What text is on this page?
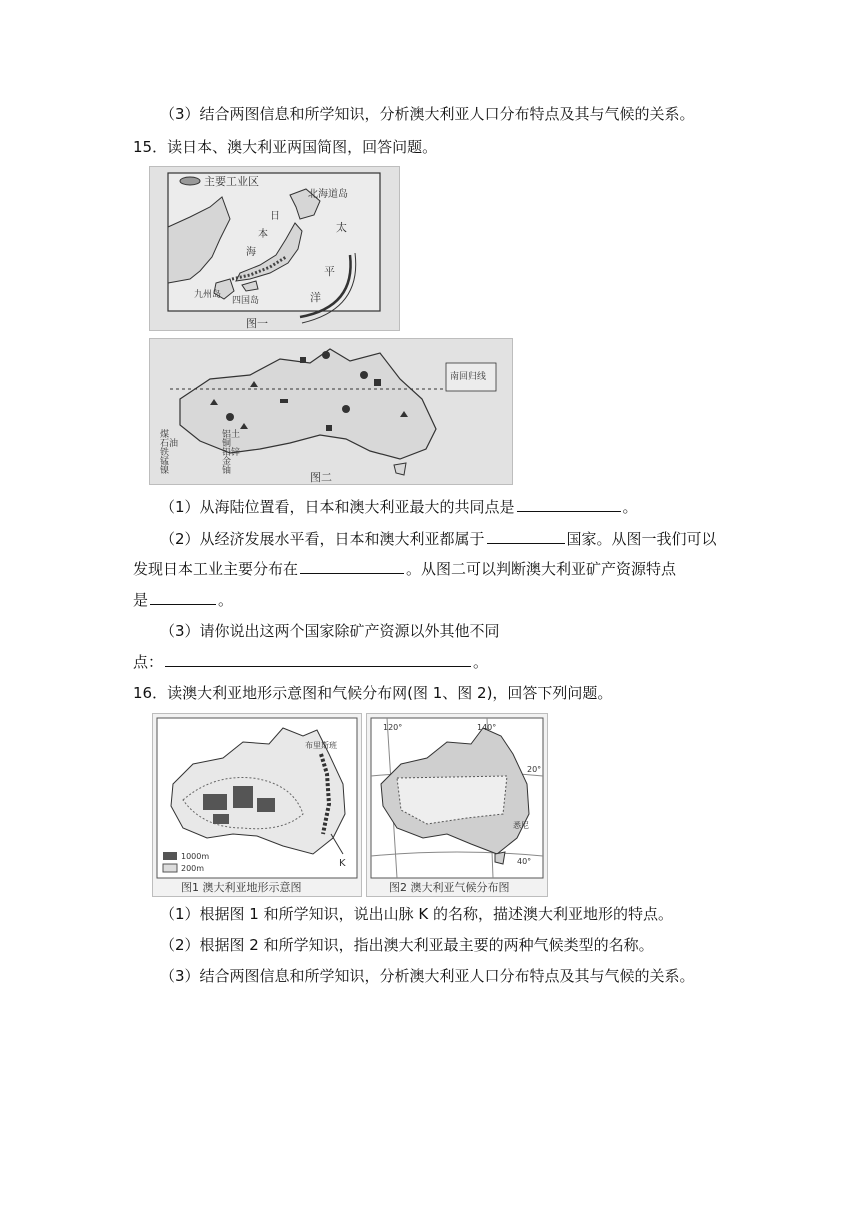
（3）结合两图信息和所学知识，分析澳大利亚人口分布特点及其与气候的关系。
15．读日本、澳大利亚两国简图，回答问题。
主要工业区
北海道岛
日
本
海
太
平
洋
九州岛
四国岛
图一
南回归线
煤
石油
铁
锰
镍
铝土
铜
铅锌
金
铀	图二
（1）从海陆位置看，日本和澳大利亚最大的共同点是	。
（2）从经济发展水平看，日本和澳大利亚都属于	国家。从图一我们可以
发现日本工业主要分布在	。从图二可以判断澳大利亚矿产资源特点
是	。
（3）请你说出这两个国家除矿产资源以外其他不同
点：	。
16．读澳大利亚地形示意图和气候分布网(图 1、图 2)，回答下列问题。
布里斯班
K
1000m
200m
图1 澳大利亚地形示意图
120°	140°
20°
40°
悉尼
图2 澳大利亚气候分布图
（1）根据图 1 和所学知识，说出山脉 K 的名称，描述澳大利亚地形的特点。
（2）根据图 2 和所学知识，指出澳大利亚最主要的两种气候类型的名称。
（3）结合两图信息和所学知识，分析澳大利亚人口分布特点及其与气候的关系。
